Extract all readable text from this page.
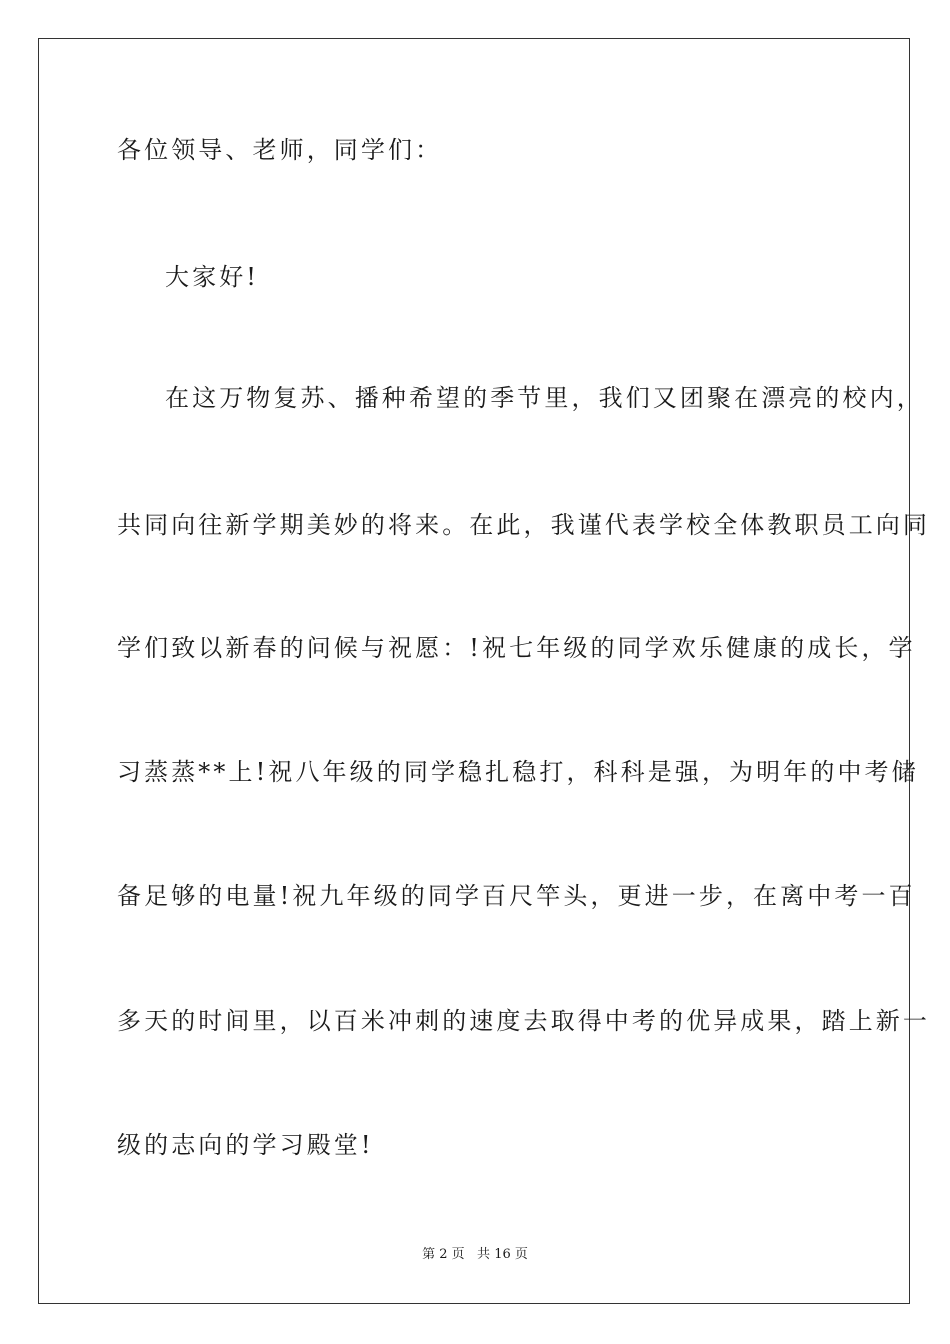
各位领导、老师，同学们：
大家好!
在这万物复苏、播种希望的季节里，我们又团聚在漂亮的校内，
共同向往新学期美妙的将来。在此，我谨代表学校全体教职员工向同
学们致以新春的问候与祝愿：!祝七年级的同学欢乐健康的成长，学
习蒸蒸**上!祝八年级的同学稳扎稳打，科科是强，为明年的中考储
备足够的电量!祝九年级的同学百尺竿头，更进一步，在离中考一百
多天的时间里，以百米冲刺的速度去取得中考的优异成果，踏上新一
级的志向的学习殿堂!
第 2 页   共 16 页
